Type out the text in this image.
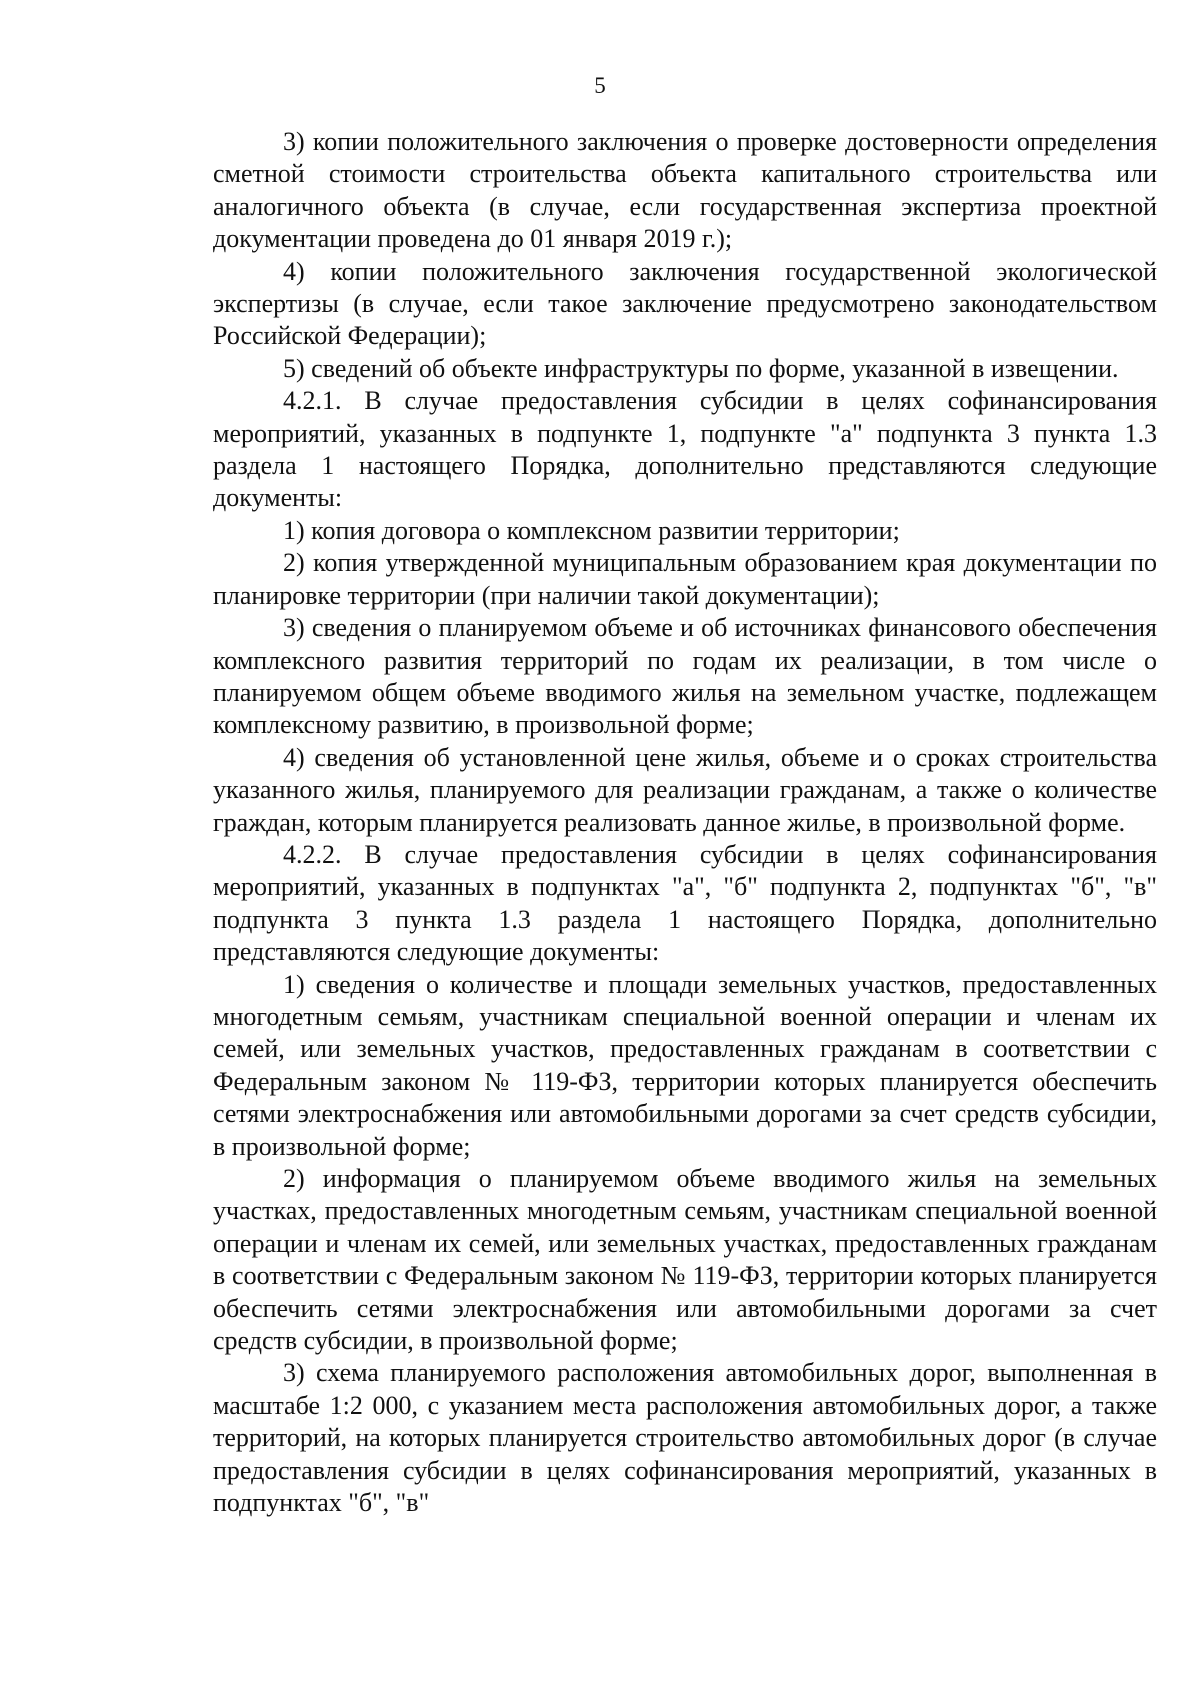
5

3) копии положительного заключения о проверке достоверности определения сметной стоимости строительства объекта капитального строительства или аналогичного объекта (в случае, если государственная экспертиза проектной документации проведена до 01 января 2019 г.);

4) копии положительного заключения государственной экологической экспертизы (в случае, если такое заключение предусмотрено законодательством Российской Федерации);

5) сведений об объекте инфраструктуры по форме, указанной в извещении.

4.2.1. В случае предоставления субсидии в целях софинансирования мероприятий, указанных в подпункте 1, подпункте "а" подпункта 3 пункта 1.3 раздела 1 настоящего Порядка, дополнительно представляются следующие документы:

1) копия договора о комплексном развитии территории;

2) копия утвержденной муниципальным образованием края документации по планировке территории (при наличии такой документации);

3) сведения о планируемом объеме и об источниках финансового обеспечения комплексного развития территорий по годам их реализации, в том числе о планируемом общем объеме вводимого жилья на земельном участке, подлежащем комплексному развитию, в произвольной форме;

4) сведения об установленной цене жилья, объеме и о сроках строительства указанного жилья, планируемого для реализации гражданам, а также о количестве граждан, которым планируется реализовать данное жилье, в произвольной форме.

4.2.2. В случае предоставления субсидии в целях софинансирования мероприятий, указанных в подпунктах "а", "б" подпункта 2, подпунктах "б", "в" подпункта 3 пункта 1.3 раздела 1 настоящего Порядка, дополнительно представляются следующие документы:

1) сведения о количестве и площади земельных участков, предоставленных многодетным семьям, участникам специальной военной операции и членам их семей, или земельных участков, предоставленных гражданам в соответствии с Федеральным законом № 119-ФЗ, территории которых планируется обеспечить сетями электроснабжения или автомобильными дорогами за счет средств субсидии, в произвольной форме;

2) информация о планируемом объеме вводимого жилья на земельных участках, предоставленных многодетным семьям, участникам специальной военной операции и членам их семей, или земельных участках, предоставленных гражданам в соответствии с Федеральным законом № 119-ФЗ, территории которых планируется обеспечить сетями электроснабжения или автомобильными дорогами за счет средств субсидии, в произвольной форме;

3) схема планируемого расположения автомобильных дорог, выполненная в масштабе 1:2 000, с указанием места расположения автомобильных дорог, а также территорий, на которых планируется строительство автомобильных дорог (в случае предоставления субсидии в целях софинансирования мероприятий, указанных в подпунктах "б", "в"
